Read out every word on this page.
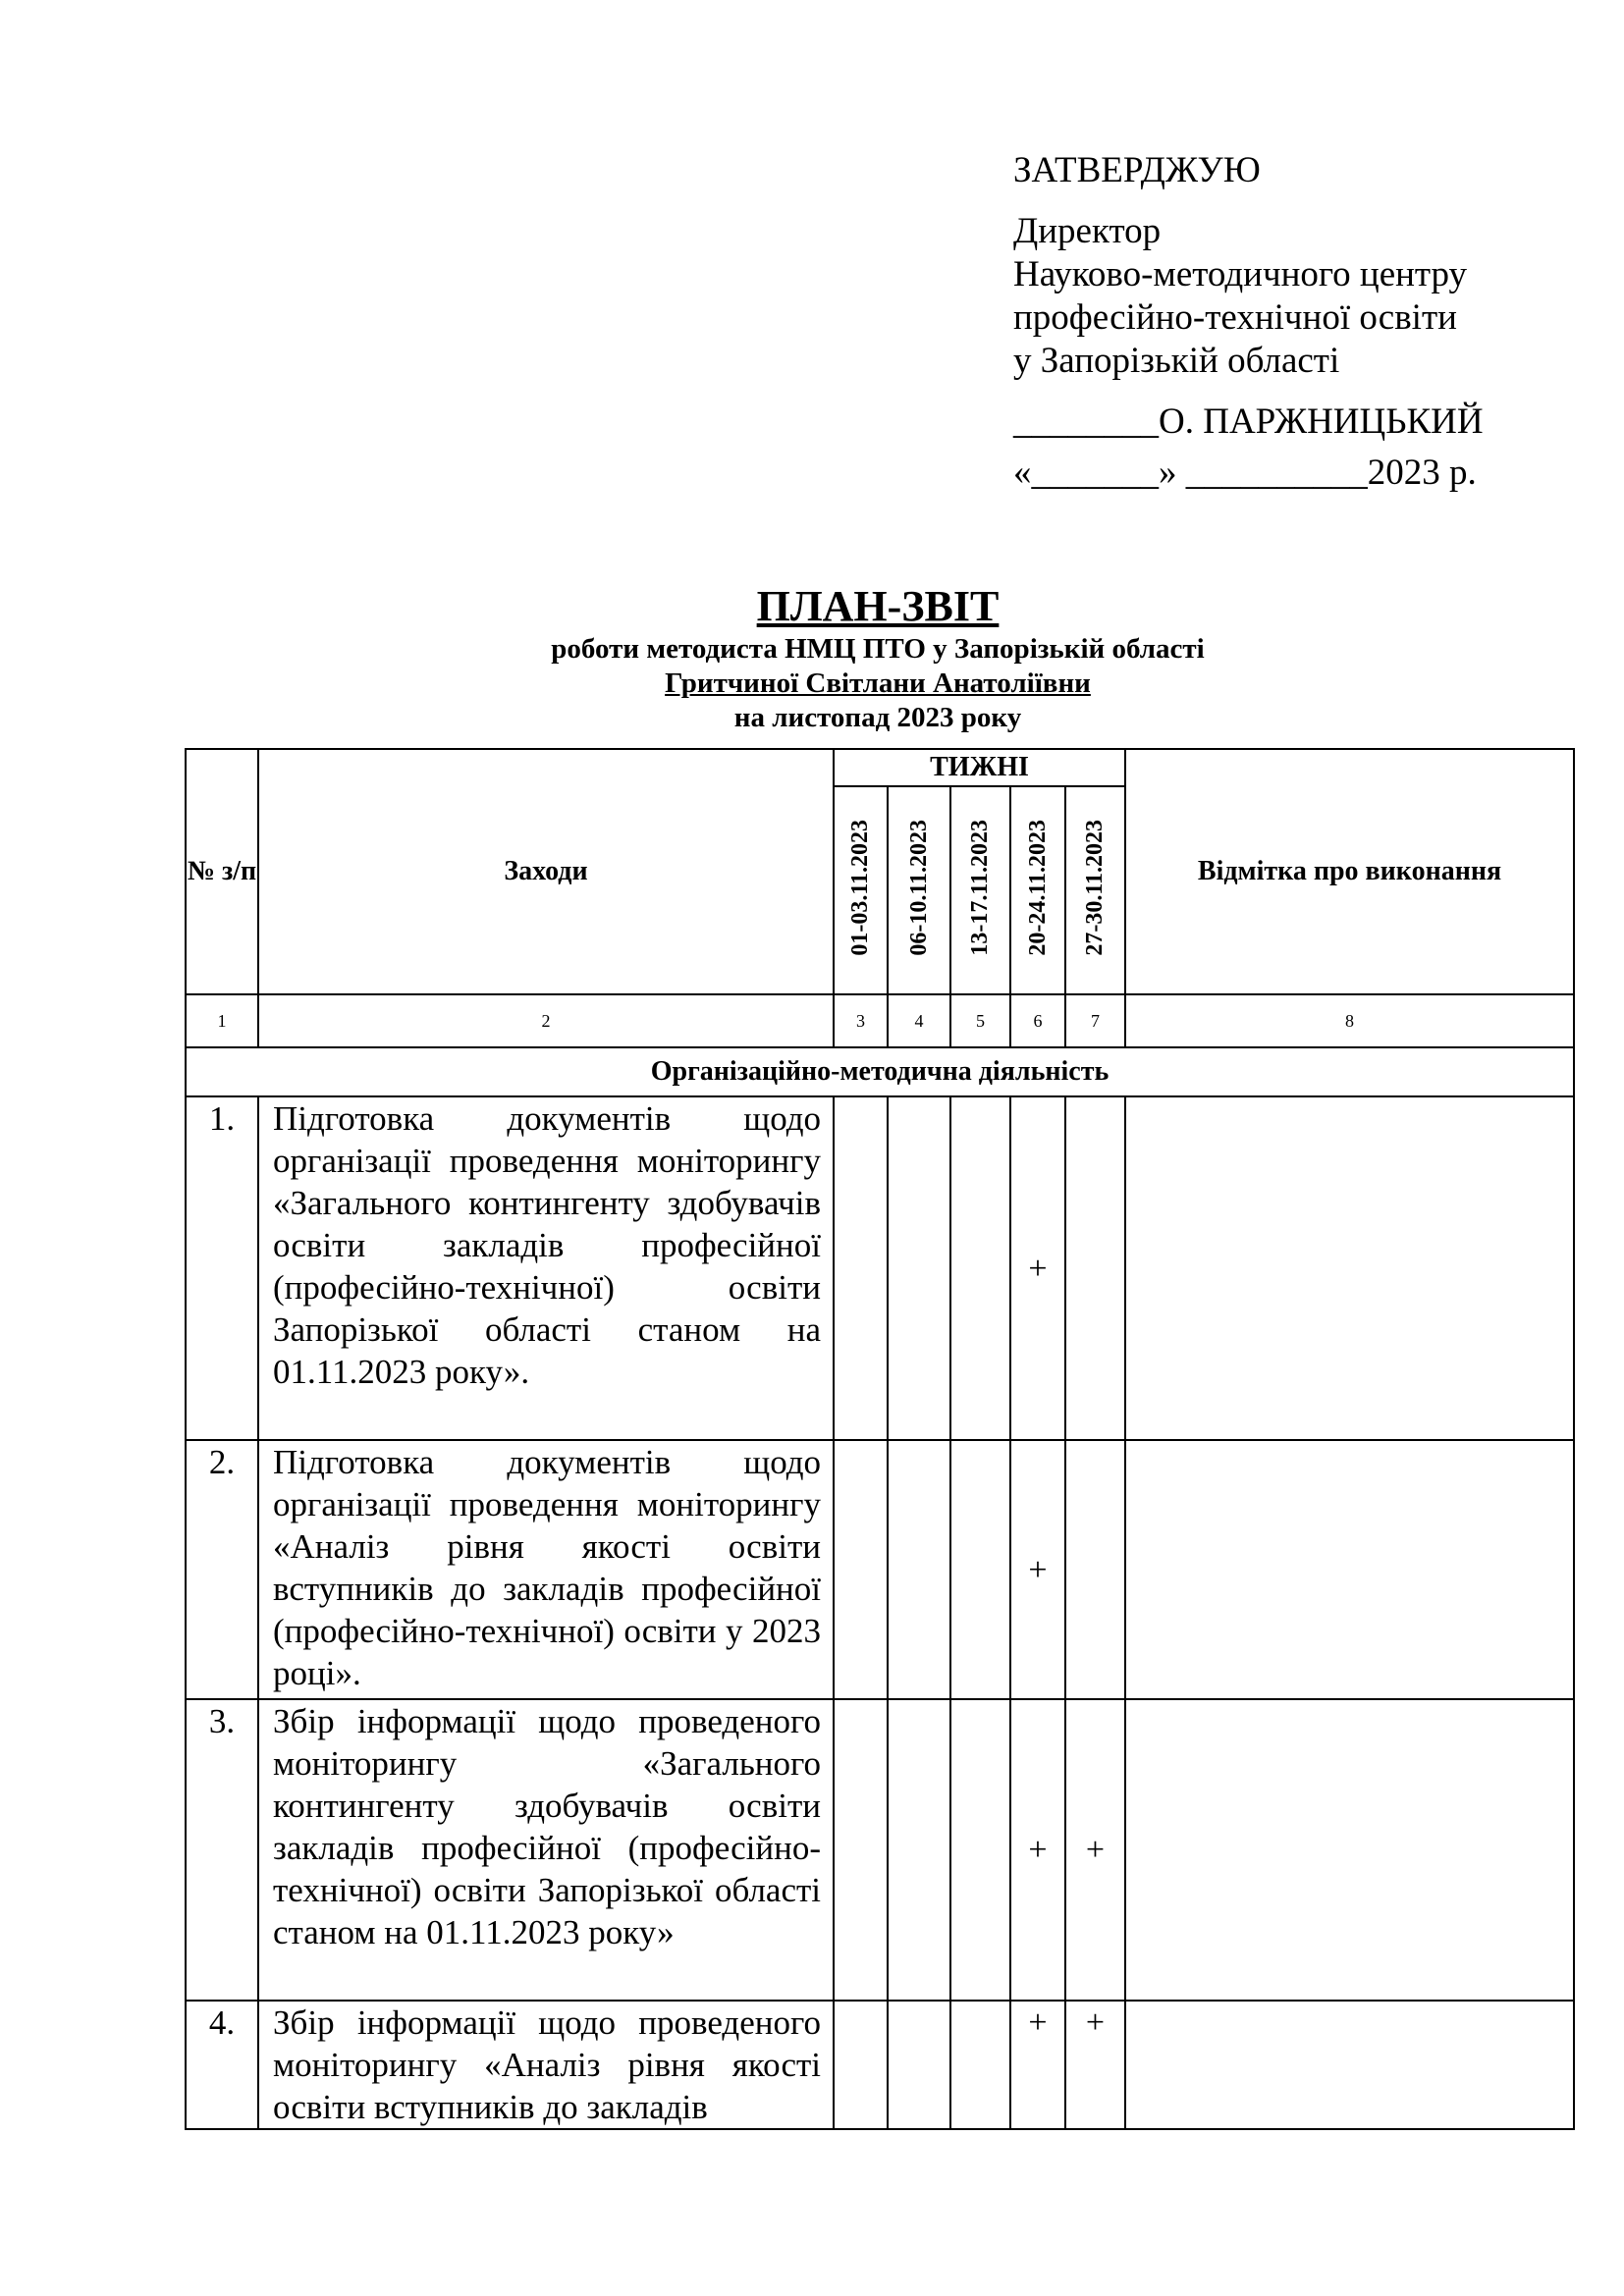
ЗАТВЕРДЖУЮ
Директор
Науково-методичного центру
професійно-технічної освіти
у Запорізькій області
________О. ПАРЖНИЦЬКИЙ
«_______» __________2023 р.
ПЛАН-ЗВІТ
роботи методиста НМЦ ПТО у Запорізькій області
Гритчиної Світлани Анатоліївни
на листопад 2023 року
№ з/п	Заходи	ТИЖНІ					Відмітка про виконання
		01-03.11.2023	06-10.11.2023	13-17.11.2023	20-24.11.2023	27-30.11.2023	
1	2	3	4	5	6	7	8
Організаційно-методична діяльність							
1.	Підготовка документів щодо організації проведення моніторингу «Загального контингенту здобувачів освіти закладів професійної (професійно-технічної) освіти Запорізької області станом на 01.11.2023 року».				+		
2.	Підготовка документів щодо організації проведення моніторингу «Аналіз рівня якості освіти вступників до закладів професійної (професійно-технічної) освіти у 2023 році».				+		
3.	Збір інформації щодо проведеного моніторингу «Загального контингенту здобувачів освіти закладів професійної (професійно-технічної) освіти Запорізької області станом на 01.11.2023 року»				+	+	
4.	Збір інформації щодо проведеного моніторингу «Аналіз рівня якості освіти вступників до закладів				+	+	
